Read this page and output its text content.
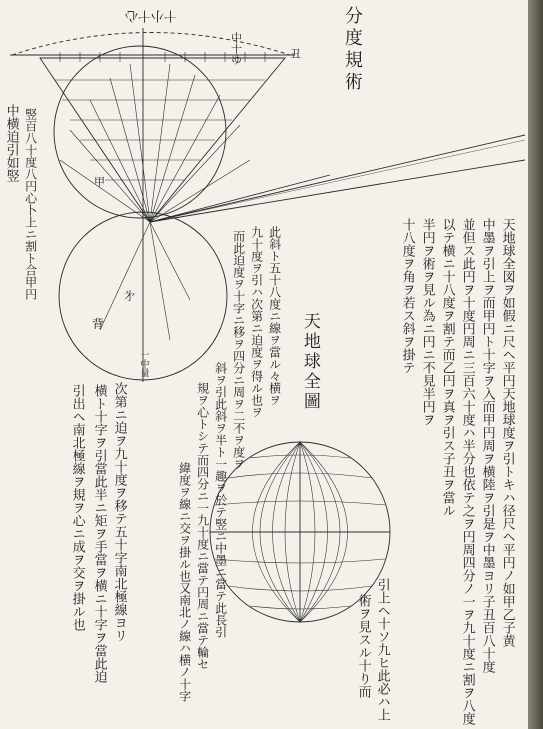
十小十心
中十ゆ	丑
甲
㐧
背
一中量
分度規術
中横迫引如竪 竪百八十度八円心卜上ニ割ト合甲円
天地球全図ヲ如假ニ尺ヘ平円天地球度ヲ引トキハ径尺ヘ平円ノ如甲乙子黄
中墨ヲ引上ヲ而甲円ト十字ヲ入而甲円周ヲ横陸ヲ引是ヲ中墨ヨリ子丑百八十度
並但ス此円ヲ十度円周ニ三百六十度ハ半分也依テ之ヲ円周四分ノ一ヲ九十度ニ割ヲ八度
以テ横ニ十八度ヲ割テ而乙円ヲ真ヲ引ス子丑ヲ當ル
半円ヲ術ヲ見ル為ニ円ニ不見半円ヲ
十八度ヲ角ヲ若ス斜ヲ掛テ
引上ヘ十ソ九ヒ此必ハ上
術ヲ見スル十り而
此斜ト五十八度ニ線ヲ當ル々横ヲ
九十度ヲ引ハ次第ニ迫度ヲ得ル也ヲ
而此迫度ヲ十字ニ移ヲ四分ニ周ヲ二不ヲ度ヲ
斜ヲ引此斜ヲ半ト一趣ヲ於テ竪ニ中墨ニ當テ此長引
規ヲ心トシテ而四分ニ一九十度ニ當テ円周ニ當テ輪セ
緯度ヲ線ニ交ヲ掛ル也又南北ノ線ハ横ノ十字
天地球全圖
次第ニ迫ヲ九十度ヲ移テ五十字南北極線ヨリ
横ト十字ヲ引當此半ニ矩ヲ手當ヲ横ニ十字ヲ當此迫
引出ヘ南北極線ヲ規ヲ心ニ成ヲ交ヲ掛ル也
